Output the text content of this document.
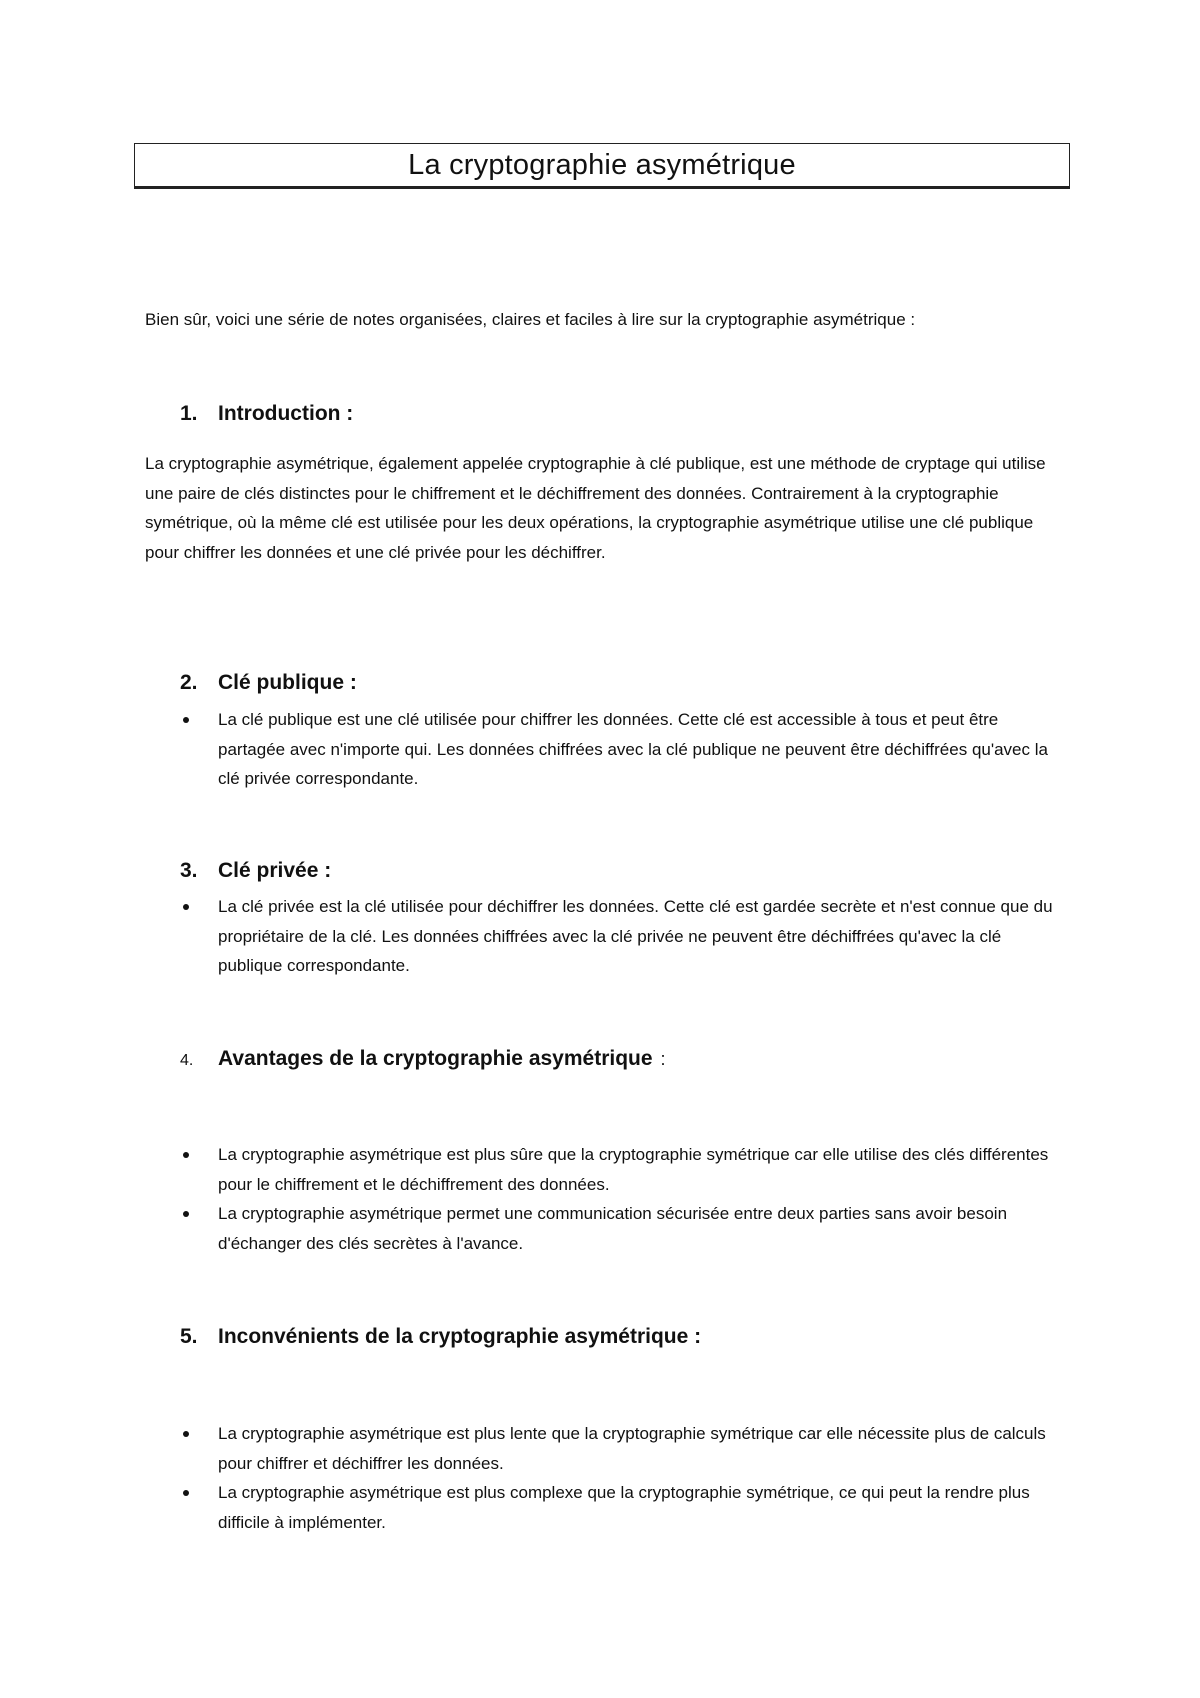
La cryptographie asymétrique

Bien sûr, voici une série de notes organisées, claires et faciles à lire sur la cryptographie asymétrique :

1. Introduction :

La cryptographie asymétrique, également appelée cryptographie à clé publique, est une méthode de cryptage qui utilise une paire de clés distinctes pour le chiffrement et le déchiffrement des données. Contrairement à la cryptographie symétrique, où la même clé est utilisée pour les deux opérations, la cryptographie asymétrique utilise une clé publique pour chiffrer les données et une clé privée pour les déchiffrer.

2. Clé publique :
La clé publique est une clé utilisée pour chiffrer les données. Cette clé est accessible à tous et peut être partagée avec n'importe qui. Les données chiffrées avec la clé publique ne peuvent être déchiffrées qu'avec la clé privée correspondante.
3. Clé privée :
La clé privée est la clé utilisée pour déchiffrer les données. Cette clé est gardée secrète et n'est connue que du propriétaire de la clé. Les données chiffrées avec la clé privée ne peuvent être déchiffrées qu'avec la clé publique correspondante.
4.	Avantages de la cryptographie asymétrique :
La cryptographie asymétrique est plus sûre que la cryptographie symétrique car elle utilise des clés différentes pour le chiffrement et le déchiffrement des données.
La cryptographie asymétrique permet une communication sécurisée entre deux parties sans avoir besoin d'échanger des clés secrètes à l'avance.
5. Inconvénients de la cryptographie asymétrique :
La cryptographie asymétrique est plus lente que la cryptographie symétrique car elle nécessite plus de calculs pour chiffrer et déchiffrer les données.
La cryptographie asymétrique est plus complexe que la cryptographie symétrique, ce qui peut la rendre plus difficile à implémenter.
